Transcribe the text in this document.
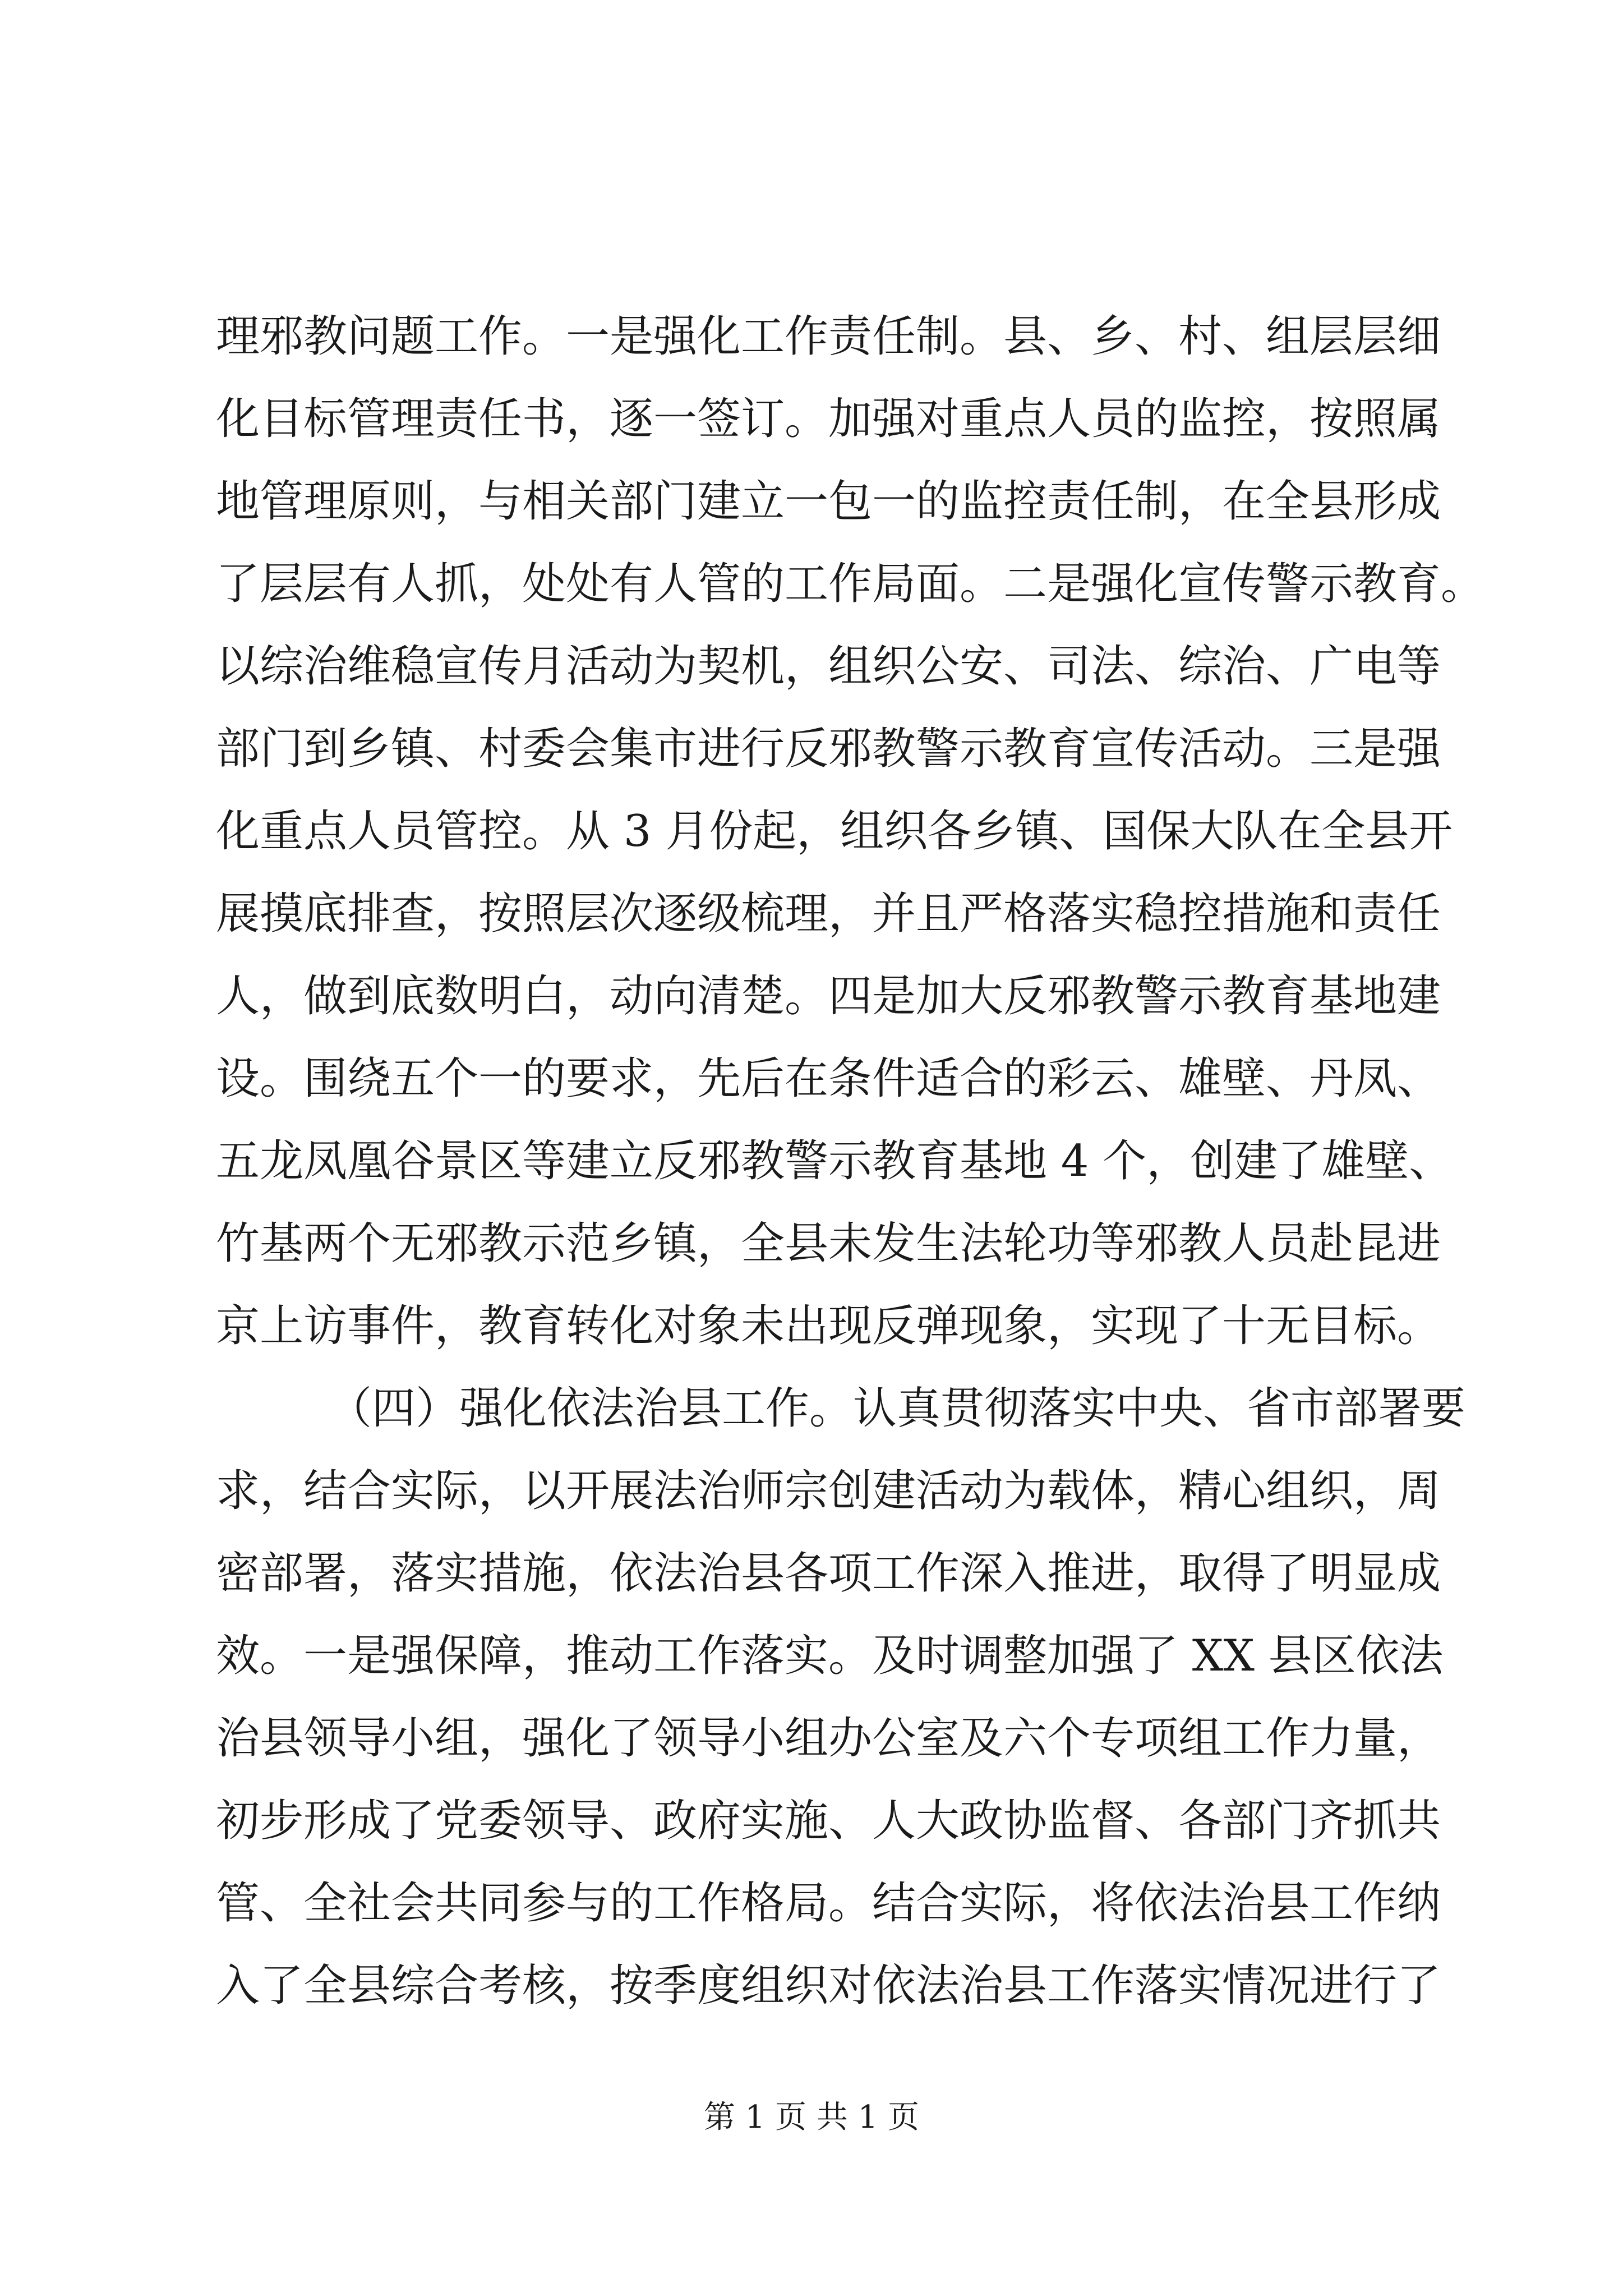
理邪教问题工作。一是强化工作责任制。县、乡、村、组层层细
化目标管理责任书，逐一签订。加强对重点人员的监控，按照属
地管理原则，与相关部门建立一包一的监控责任制，在全县形成
了层层有人抓，处处有人管的工作局面。二是强化宣传警示教育。
以综治维稳宣传月活动为契机，组织公安、司法、综治、广电等
部门到乡镇、村委会集市进行反邪教警示教育宣传活动。三是强
化重点人员管控。从 3 月份起，组织各乡镇、国保大队在全县开
展摸底排查，按照层次逐级梳理，并且严格落实稳控措施和责任
人，做到底数明白，动向清楚。四是加大反邪教警示教育基地建
设。围绕五个一的要求，先后在条件适合的彩云、雄壁、丹凤、
五龙凤凰谷景区等建立反邪教警示教育基地 4 个，创建了雄壁、
竹基两个无邪教示范乡镇，全县未发生法轮功等邪教人员赴昆进
京上访事件，教育转化对象未出现反弹现象，实现了十无目标。
（四）强化依法治县工作。认真贯彻落实中央、省市部署要
求，结合实际，以开展法治师宗创建活动为载体，精心组织，周
密部署，落实措施，依法治县各项工作深入推进，取得了明显成
效。一是强保障，推动工作落实。及时调整加强了 XX 县区依法
治县领导小组，强化了领导小组办公室及六个专项组工作力量，
初步形成了党委领导、政府实施、人大政协监督、各部门齐抓共
管、全社会共同参与的工作格局。结合实际，将依法治县工作纳
入了全县综合考核，按季度组织对依法治县工作落实情况进行了
第 1 页 共 1 页
